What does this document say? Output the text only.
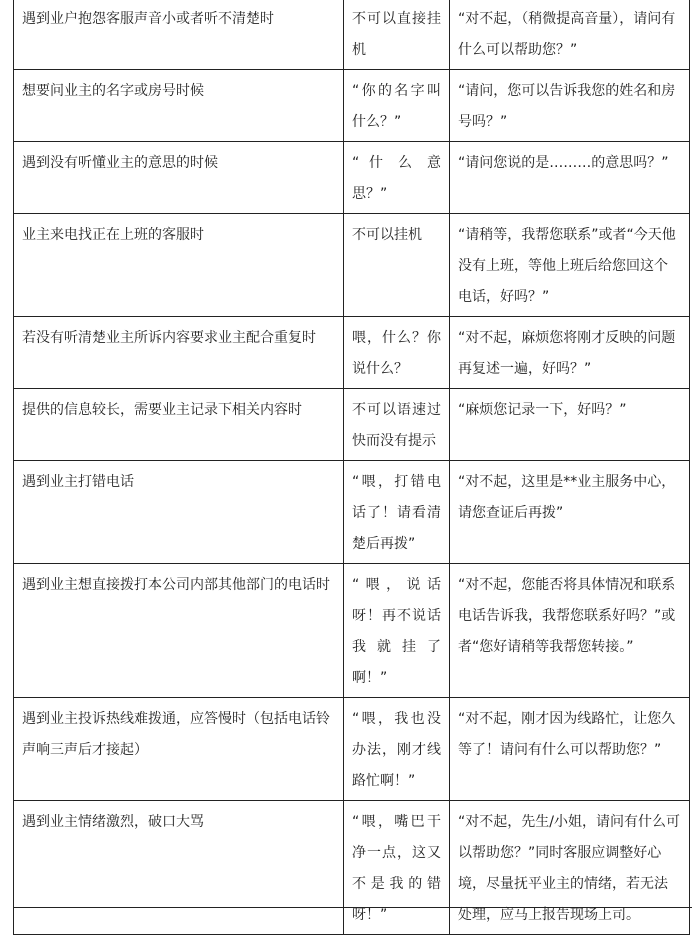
遇到业户抱怨客服声音小或者听不清楚时	不可以直接挂机	“对不起，（稍微提高音量），请问有什么可以帮助您？”
想要问业主的名字或房号时候	“你的名字叫什么？”	“请问，您可以告诉我您的姓名和房号吗？”
遇到没有听懂业主的意思的时候	“ 什 么 意思？”	“请问您说的是………的意思吗？”
业主来电找正在上班的客服时	不可以挂机	“请稍等，我帮您联系”或者“今天他没有上班，等他上班后给您回这个电话，好吗？”
若没有听清楚业主所诉内容要求业主配合重复时	喂，什么？你说什么？	“对不起，麻烦您将刚才反映的问题再复述一遍，好吗？”
提供的信息较长，需要业主记录下相关内容时	不可以语速过快而没有提示	“麻烦您记录一下，好吗？”
遇到业主打错电话	“喂，打错电话了！请看清楚后再拨”	“对不起，这里是**业主服务中心，请您查证后再拨”
遇到业主想直接拨打本公司内部其他部门的电话时	“喂，说话呀！再不说话我就挂了啊！”	“对不起，您能否将具体情况和联系电话告诉我，我帮您联系好吗？”或者“您好请稍等我帮您转接。”
遇到业主投诉热线难拨通，应答慢时（包括电话铃声响三声后才接起）	“喂，我也没办法，刚才线路忙啊！”	“对不起，刚才因为线路忙，让您久等了！请问有什么可以帮助您？”
遇到业主情绪激烈，破口大骂	“喂，嘴巴干净一点，这又不是我的错呀！”	“对不起，先生/小姐，请问有什么可以帮助您？”同时客服应调整好心境，尽量抚平业主的情绪，若无法处理，应马上报告现场上司。
